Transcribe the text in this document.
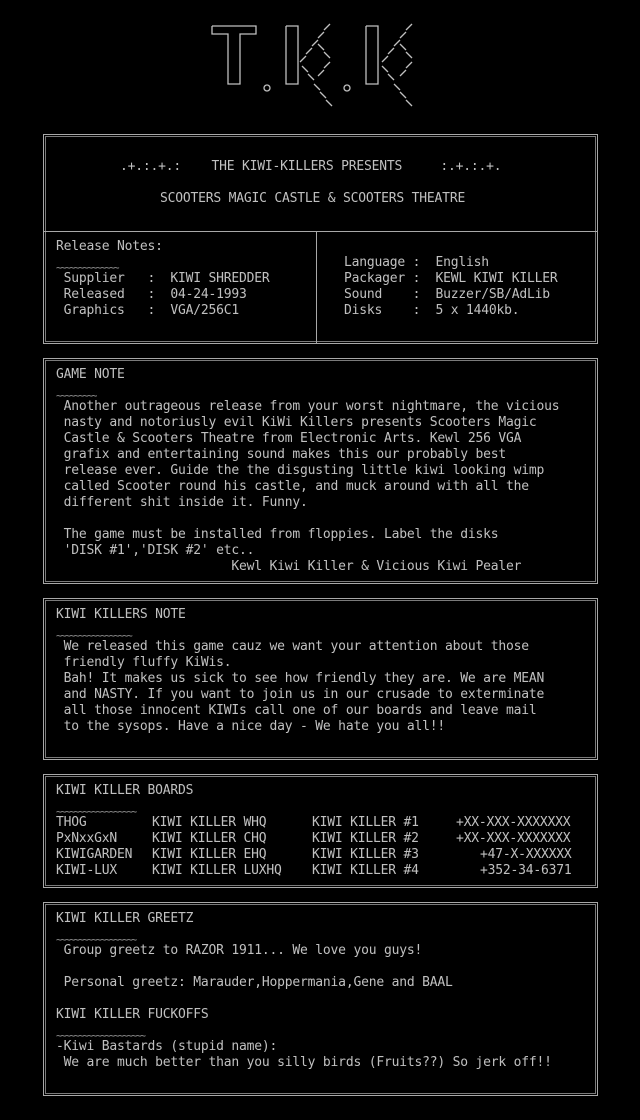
.+.:.+.:    THE KIWI-KILLERS PRESENTS     :.+.:.+.
SCOOTERS MAGIC CASTLE & SCOOTERS THEATRE
Release Notes:
~~~~~~~~~~~~~~
Supplier   :  KIWI SHREDDER
Released   :  04-24-1993
Graphics   :  VGA/256C1
Language :  English
Packager :  KEWL KIWI KILLER
Sound    :  Buzzer/SB/AdLib
Disks    :  5 x 1440kb.
GAME NOTE
~~~~~~~~~
Another outrageous release from your worst nightmare, the vicious
nasty and notoriusly evil KiWi Killers presents Scooters Magic
Castle & Scooters Theatre from Electronic Arts. Kewl 256 VGA
grafix and entertaining sound makes this our probably best
release ever. Guide the the disgusting little kiwi looking wimp
called Scooter round his castle, and muck around with all the
different shit inside it. Funny.
The game must be installed from floppies. Label the disks
'DISK #1','DISK #2' etc..
Kewl Kiwi Killer & Vicious Kiwi Pealer
KIWI KILLERS NOTE
~~~~~~~~~~~~~~~~~
We released this game cauz we want your attention about those
friendly fluffy KiWis.
Bah! It makes us sick to see how friendly they are. We are MEAN
and NASTY. If you want to join us in our crusade to exterminate
all those innocent KIWIs call one of our boards and leave mail
to the sysops. Have a nice day - We hate you all!!
KIWI KILLER BOARDS
~~~~~~~~~~~~~~~~~~
THOG	KIWI KILLER WHQ	KIWI KILLER #1	+XX-XXX-XXXXXXX
PxNxxGxN	KIWI KILLER CHQ	KIWI KILLER #2	+XX-XXX-XXXXXXX
KIWIGARDEN KIWI KILLER EHQ	KIWI KILLER #3	+47-X-XXXXXX
KIWI-LUX	KIWI KILLER LUXHQ KIWI KILLER #4	+352-34-6371
KIWI KILLER GREETZ
~~~~~~~~~~~~~~~~~~
Group greetz to RAZOR 1911... We love you guys!
Personal greetz: Marauder,Hoppermania,Gene and BAAL
KIWI KILLER FUCKOFFS
~~~~~~~~~~~~~~~~~~~~
-Kiwi Bastards (stupid name):
We are much better than you silly birds (Fruits??) So jerk off!!
